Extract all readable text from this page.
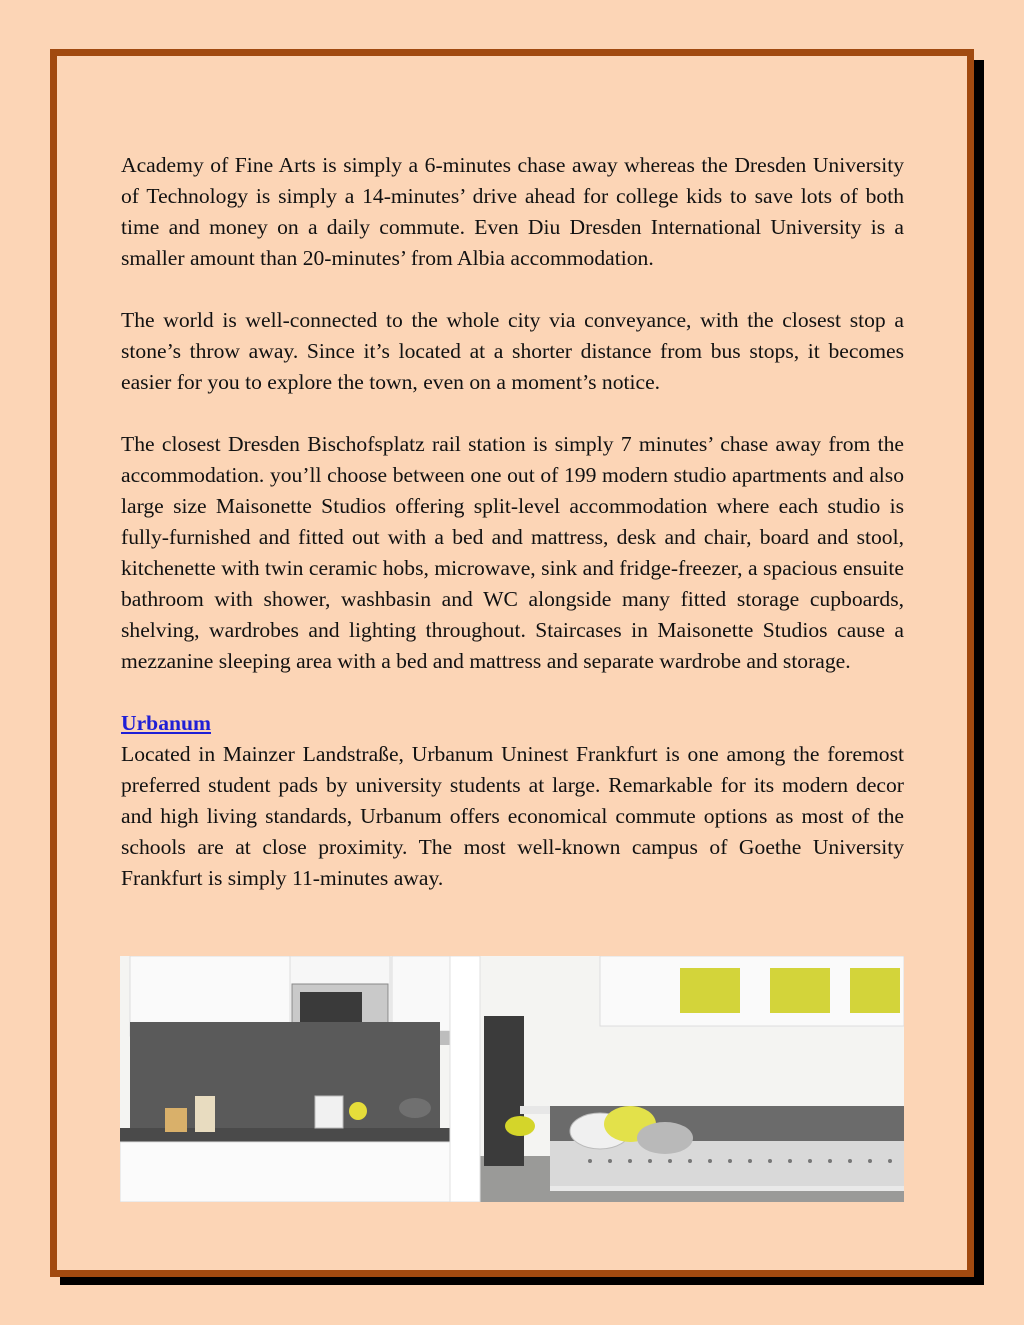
Academy of Fine Arts is simply a 6-minutes chase away whereas the Dresden University of Technology is simply a 14-minutes’ drive ahead for college kids to save lots of both time and money on a daily commute. Even Diu Dresden International University is a smaller amount than 20-minutes’ from Albia accommodation.

The world is well-connected to the whole city via conveyance, with the closest stop a stone’s throw away. Since it’s located at a shorter distance from bus stops, it becomes easier for you to explore the town, even on a moment’s notice.

The closest Dresden Bischofsplatz rail station is simply 7 minutes’ chase away from the accommodation. you’ll choose between one out of 199 modern studio apartments and also large size Maisonette Studios offering split-level accommodation where each studio is fully-furnished and fitted out with a bed and mattress, desk and chair, board and stool, kitchenette with twin ceramic hobs, microwave, sink and fridge-freezer, a spacious ensuite bathroom with shower, washbasin and WC alongside many fitted storage cupboards, shelving, wardrobes and lighting throughout. Staircases in Maisonette Studios cause a mezzanine sleeping area with a bed and mattress and separate wardrobe and storage.

Urbanum

Located in Mainzer Landstraße, Urbanum Uninest Frankfurt is one among the foremost preferred student pads by university students at large. Remarkable for its modern decor and high living standards, Urbanum offers economical commute options as most of the schools are at close proximity. The most well-known campus of Goethe University Frankfurt is simply 11-minutes away.
